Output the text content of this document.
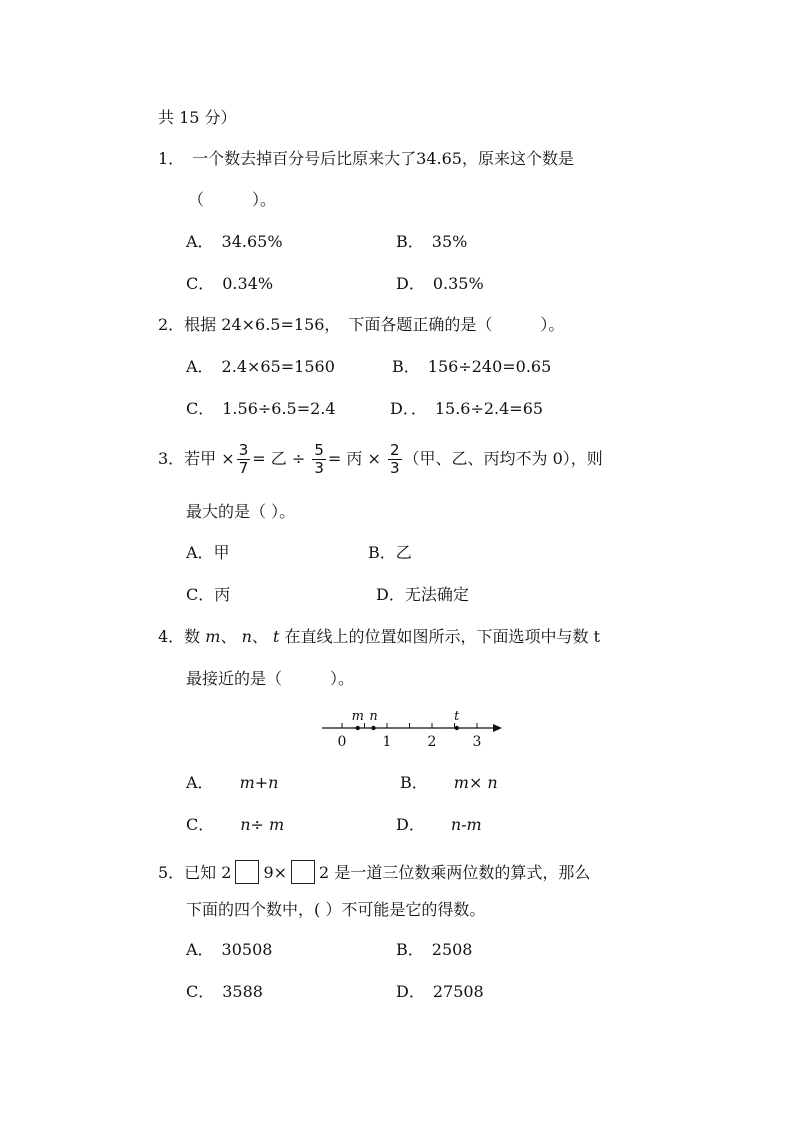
共 15 分）
1．　一个数去掉百分号后比原来大了34.65，原来这个数是
（　　　）。
A．　34.65%	B．　35%
C．　0.34%	D．　0.35%
2．根据 24×6.5=156，　下面各题正确的是（　　　）。
A．　2.4×65=1560	B．　156÷240=0.65
C．　1.56÷6.5=2.4	D．．　15.6÷2.4=65
3．若甲 × $\frac{3}{7}$ = 乙 ÷ $\frac{5}{3}$ = 丙 × $\frac{2}{3}$ （甲、乙、丙均不为 0），则
最大的是（ ）。
A．甲	B．乙
C．丙	D．无法确定
4．数 m、 n、 t 在直线上的位置如图所示，下面选项中与数 t
最接近的是（　　　）。
0	1	2	3
m n	t
A． m+n	B． m× n
C． n÷ m	D． n-m
5．已知 2 9× 2 是一道三位数乘两位数的算式，那么
下面的四个数中，( ）不可能是它的得数。
A．　30508	B．　2508
C．　3588	D．　27508
